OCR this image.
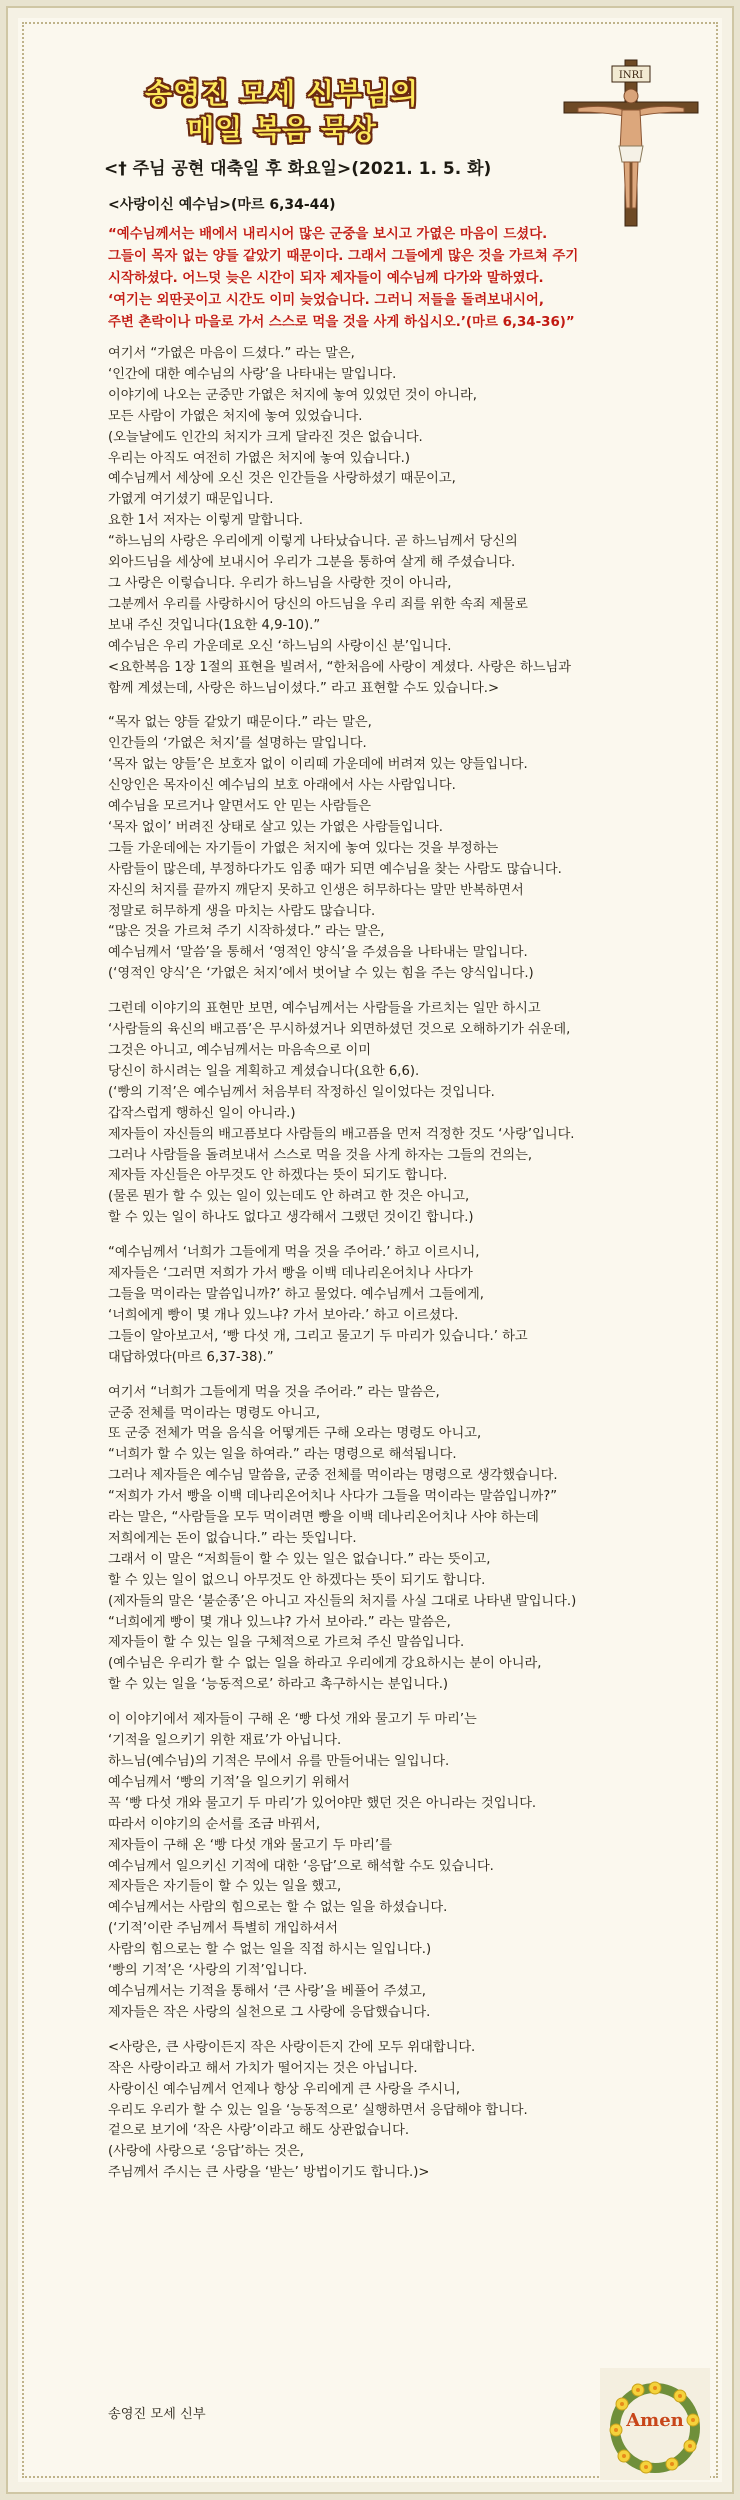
송영진 모세 신부님의
매일 복음 묵상
INRI
<† 주님 공현 대축일 후 화요일>(2021. 1. 5. 화)
<사랑이신 예수님>(마르 6,34-44)
“예수님께서는 배에서 내리시어 많은 군중을 보시고 가엾은 마음이 드셨다.
그들이 목자 없는 양들 같았기 때문이다. 그래서 그들에게 많은 것을 가르쳐 주기
시작하셨다. 어느덧 늦은 시간이 되자 제자들이 예수님께 다가와 말하였다.
‘여기는 외딴곳이고 시간도 이미 늦었습니다. 그러니 저들을 돌려보내시어,
주변 촌락이나 마을로 가서 스스로 먹을 것을 사게 하십시오.’(마르 6,34-36)”
여기서 “가엾은 마음이 드셨다.” 라는 말은,
‘인간에 대한 예수님의 사랑’을 나타내는 말입니다.
이야기에 나오는 군중만 가엾은 처지에 놓여 있었던 것이 아니라,
모든 사람이 가엾은 처지에 놓여 있었습니다.
(오늘날에도 인간의 처지가 크게 달라진 것은 없습니다.
우리는 아직도 여전히 가엾은 처지에 놓여 있습니다.)
예수님께서 세상에 오신 것은 인간들을 사랑하셨기 때문이고,
가엾게 여기셨기 때문입니다.
요한 1서 저자는 이렇게 말합니다.
“하느님의 사랑은 우리에게 이렇게 나타났습니다. 곧 하느님께서 당신의
외아드님을 세상에 보내시어 우리가 그분을 통하여 살게 해 주셨습니다.
그 사랑은 이렇습니다. 우리가 하느님을 사랑한 것이 아니라,
그분께서 우리를 사랑하시어 당신의 아드님을 우리 죄를 위한 속죄 제물로
보내 주신 것입니다(1요한 4,9-10).”
예수님은 우리 가운데로 오신 ‘하느님의 사랑이신 분’입니다.
<요한복음 1장 1절의 표현을 빌려서, “한처음에 사랑이 계셨다. 사랑은 하느님과
함께 계셨는데, 사랑은 하느님이셨다.” 라고 표현할 수도 있습니다.>
“목자 없는 양들 같았기 때문이다.” 라는 말은,
인간들의 ‘가엾은 처지’를 설명하는 말입니다.
‘목자 없는 양들’은 보호자 없이 이리떼 가운데에 버려져 있는 양들입니다.
신앙인은 목자이신 예수님의 보호 아래에서 사는 사람입니다.
예수님을 모르거나 알면서도 안 믿는 사람들은
‘목자 없이’ 버려진 상태로 살고 있는 가엾은 사람들입니다.
그들 가운데에는 자기들이 가엾은 처지에 놓여 있다는 것을 부정하는
사람들이 많은데, 부정하다가도 임종 때가 되면 예수님을 찾는 사람도 많습니다.
자신의 처지를 끝까지 깨닫지 못하고 인생은 허무하다는 말만 반복하면서
정말로 허무하게 생을 마치는 사람도 많습니다.
“많은 것을 가르쳐 주기 시작하셨다.” 라는 말은,
예수님께서 ‘말씀’을 통해서 ‘영적인 양식’을 주셨음을 나타내는 말입니다.
(‘영적인 양식’은 ‘가엾은 처지’에서 벗어날 수 있는 힘을 주는 양식입니다.)
그런데 이야기의 표현만 보면, 예수님께서는 사람들을 가르치는 일만 하시고
‘사람들의 육신의 배고픔’은 무시하셨거나 외면하셨던 것으로 오해하기가 쉬운데,
그것은 아니고, 예수님께서는 마음속으로 이미
당신이 하시려는 일을 계획하고 계셨습니다(요한 6,6).
(‘빵의 기적’은 예수님께서 처음부터 작정하신 일이었다는 것입니다.
갑작스럽게 행하신 일이 아니라.)
제자들이 자신들의 배고픔보다 사람들의 배고픔을 먼저 걱정한 것도 ‘사랑’입니다.
그러나 사람들을 돌려보내서 스스로 먹을 것을 사게 하자는 그들의 건의는,
제자들 자신들은 아무것도 안 하겠다는 뜻이 되기도 합니다.
(물론 뭔가 할 수 있는 일이 있는데도 안 하려고 한 것은 아니고,
할 수 있는 일이 하나도 없다고 생각해서 그랬던 것이긴 합니다.)
“예수님께서 ‘너희가 그들에게 먹을 것을 주어라.’ 하고 이르시니,
제자들은 ‘그러면 저희가 가서 빵을 이백 데나리온어치나 사다가
그들을 먹이라는 말씀입니까?’ 하고 물었다. 예수님께서 그들에게,
‘너희에게 빵이 몇 개나 있느냐? 가서 보아라.’ 하고 이르셨다.
그들이 알아보고서, ‘빵 다섯 개, 그리고 물고기 두 마리가 있습니다.’ 하고
대답하였다(마르 6,37-38).”
여기서 “너희가 그들에게 먹을 것을 주어라.” 라는 말씀은,
군중 전체를 먹이라는 명령도 아니고,
또 군중 전체가 먹을 음식을 어떻게든 구해 오라는 명령도 아니고,
“너희가 할 수 있는 일을 하여라.” 라는 명령으로 해석됩니다.
그러나 제자들은 예수님 말씀을, 군중 전체를 먹이라는 명령으로 생각했습니다.
“저희가 가서 빵을 이백 데나리온어치나 사다가 그들을 먹이라는 말씀입니까?”
라는 말은, “사람들을 모두 먹이려면 빵을 이백 데나리온어치나 사야 하는데
저희에게는 돈이 없습니다.” 라는 뜻입니다.
그래서 이 말은 “저희들이 할 수 있는 일은 없습니다.” 라는 뜻이고,
할 수 있는 일이 없으니 아무것도 안 하겠다는 뜻이 되기도 합니다.
(제자들의 말은 ‘불순종’은 아니고 자신들의 처지를 사실 그대로 나타낸 말입니다.)
“너희에게 빵이 몇 개나 있느냐? 가서 보아라.” 라는 말씀은,
제자들이 할 수 있는 일을 구체적으로 가르쳐 주신 말씀입니다.
(예수님은 우리가 할 수 없는 일을 하라고 우리에게 강요하시는 분이 아니라,
할 수 있는 일을 ‘능동적으로’ 하라고 촉구하시는 분입니다.)
이 이야기에서 제자들이 구해 온 ‘빵 다섯 개와 물고기 두 마리’는
‘기적을 일으키기 위한 재료’가 아닙니다.
하느님(예수님)의 기적은 무에서 유를 만들어내는 일입니다.
예수님께서 ‘빵의 기적’을 일으키기 위해서
꼭 ‘빵 다섯 개와 물고기 두 마리’가 있어야만 했던 것은 아니라는 것입니다.
따라서 이야기의 순서를 조금 바꿔서,
제자들이 구해 온 ‘빵 다섯 개와 물고기 두 마리’를
예수님께서 일으키신 기적에 대한 ‘응답’으로 해석할 수도 있습니다.
제자들은 자기들이 할 수 있는 일을 했고,
예수님께서는 사람의 힘으로는 할 수 없는 일을 하셨습니다.
(‘기적’이란 주님께서 특별히 개입하셔서
사람의 힘으로는 할 수 없는 일을 직접 하시는 일입니다.)
‘빵의 기적’은 ‘사랑의 기적’입니다.
예수님께서는 기적을 통해서 ‘큰 사랑’을 베풀어 주셨고,
제자들은 작은 사랑의 실천으로 그 사랑에 응답했습니다.
<사랑은, 큰 사랑이든지 작은 사랑이든지 간에 모두 위대합니다.
작은 사랑이라고 해서 가치가 떨어지는 것은 아닙니다.
사랑이신 예수님께서 언제나 항상 우리에게 큰 사랑을 주시니,
우리도 우리가 할 수 있는 일을 ‘능동적으로’ 실행하면서 응답해야 합니다.
겉으로 보기에 ‘작은 사랑’이라고 해도 상관없습니다.
(사랑에 사랑으로 ‘응답’하는 것은,
주님께서 주시는 큰 사랑을 ‘받는’ 방법이기도 합니다.)>
송영진 모세 신부	Amen
